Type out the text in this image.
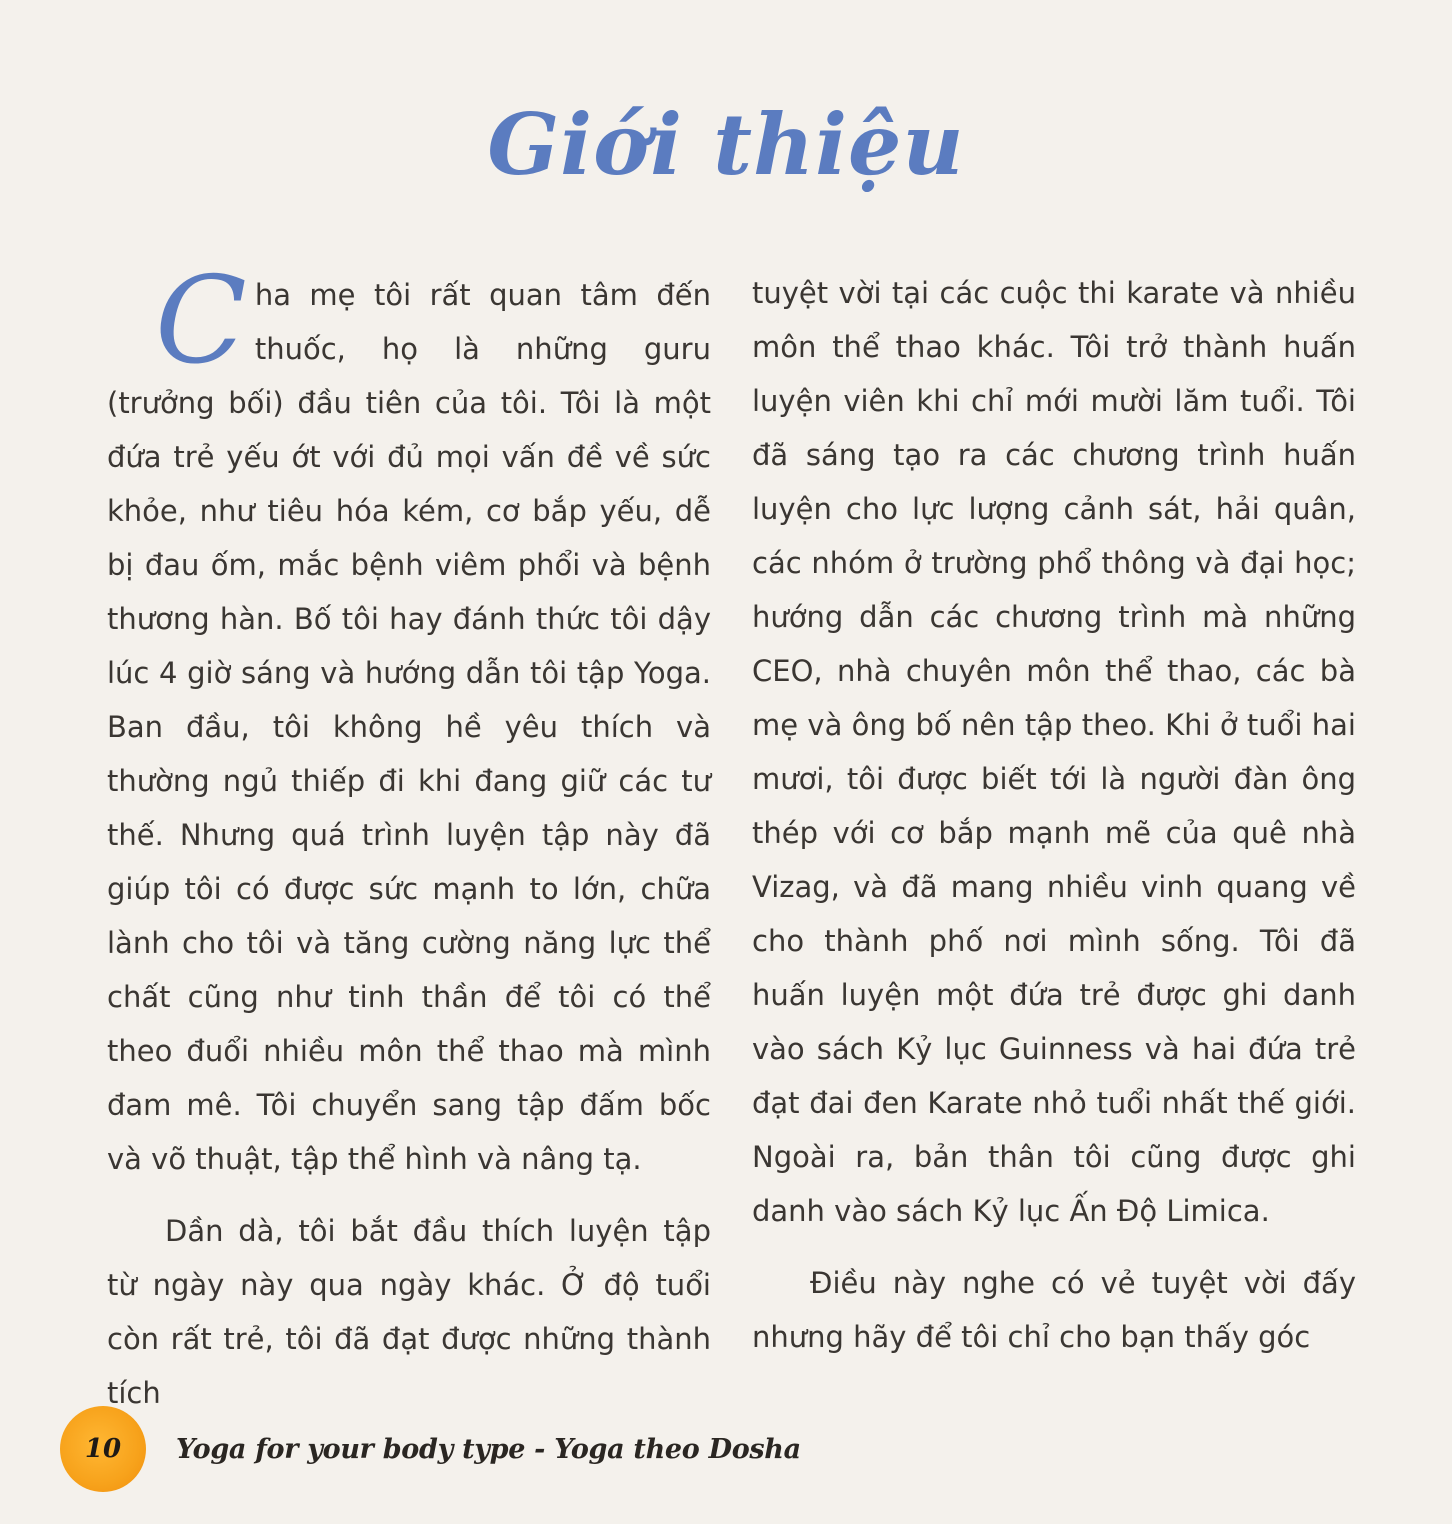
Giới thiệu

Cha mẹ tôi rất quan tâm đến thuốc, họ là những guru (trưởng bối) đầu tiên của tôi. Tôi là một đứa trẻ yếu ớt với đủ mọi vấn đề về sức khỏe, như tiêu hóa kém, cơ bắp yếu, dễ bị đau ốm, mắc bệnh viêm phổi và bệnh thương hàn. Bố tôi hay đánh thức tôi dậy lúc 4 giờ sáng và hướng dẫn tôi tập Yoga. Ban đầu, tôi không hề yêu thích và thường ngủ thiếp đi khi đang giữ các tư thế. Nhưng quá trình luyện tập này đã giúp tôi có được sức mạnh to lớn, chữa lành cho tôi và tăng cường năng lực thể chất cũng như tinh thần để tôi có thể theo đuổi nhiều môn thể thao mà mình đam mê. Tôi chuyển sang tập đấm bốc và võ thuật, tập thể hình và nâng tạ.

Dần dà, tôi bắt đầu thích luyện tập từ ngày này qua ngày khác. Ở độ tuổi còn rất trẻ, tôi đã đạt được những thành tích

tuyệt vời tại các cuộc thi karate và nhiều môn thể thao khác. Tôi trở thành huấn luyện viên khi chỉ mới mười lăm tuổi. Tôi đã sáng tạo ra các chương trình huấn luyện cho lực lượng cảnh sát, hải quân, các nhóm ở trường phổ thông và đại học; hướng dẫn các chương trình mà những CEO, nhà chuyên môn thể thao, các bà mẹ và ông bố nên tập theo. Khi ở tuổi hai mươi, tôi được biết tới là người đàn ông thép với cơ bắp mạnh mẽ của quê nhà Vizag, và đã mang nhiều vinh quang về cho thành phố nơi mình sống. Tôi đã huấn luyện một đứa trẻ được ghi danh vào sách Kỷ lục Guinness và hai đứa trẻ đạt đai đen Karate nhỏ tuổi nhất thế giới. Ngoài ra, bản thân tôi cũng được ghi danh vào sách Kỷ lục Ấn Độ Limica.

Điều này nghe có vẻ tuyệt vời đấy nhưng hãy để tôi chỉ cho bạn thấy góc

10 Yoga for your body type - Yoga theo Dosha
